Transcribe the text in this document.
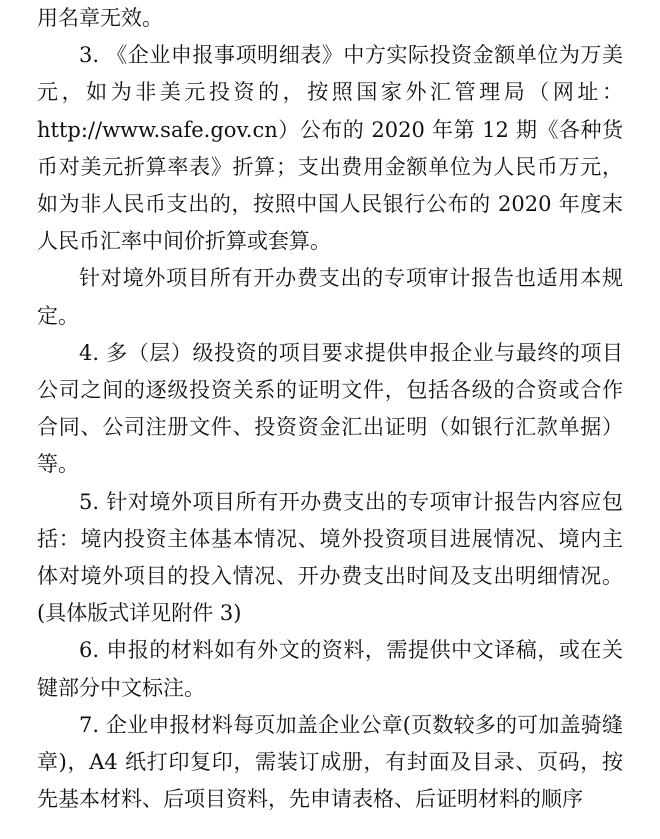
用名章无效。

3. 《企业申报事项明细表》中方实际投资金额单位为万美元，如为非美元投资的，按照国家外汇管理局（网址：http://www.safe.gov.cn）公布的 2020 年第 12 期《各种货币对美元折算率表》折算；支出费用金额单位为人民币万元，如为非人民币支出的，按照中国人民银行公布的 2020 年度末人民币汇率中间价折算或套算。

针对境外项目所有开办费支出的专项审计报告也适用本规定。

4. 多（层）级投资的项目要求提供申报企业与最终的项目公司之间的逐级投资关系的证明文件，包括各级的合资或合作合同、公司注册文件、投资资金汇出证明（如银行汇款单据）等。

5. 针对境外项目所有开办费支出的专项审计报告内容应包括：境内投资主体基本情况、境外投资项目进展情况、境内主体对境外项目的投入情况、开办费支出时间及支出明细情况。(具体版式详见附件 3)

6. 申报的材料如有外文的资料，需提供中文译稿，或在关键部分中文标注。

7. 企业申报材料每页加盖企业公章(页数较多的可加盖骑缝章)，A4 纸打印复印，需装订成册，有封面及目录、页码，按先基本材料、后项目资料，先申请表格、后证明材料的顺序
